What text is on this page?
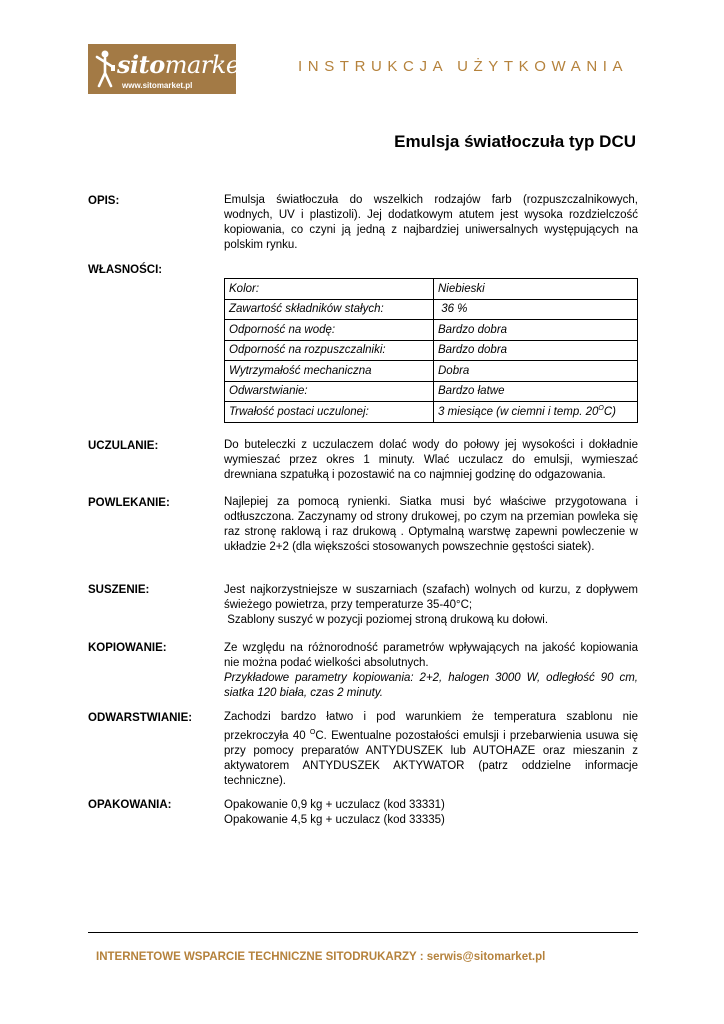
sitomarket
www.sitomarket.pl
INSTRUKCJA UŻYTKOWANIA
Emulsja światłoczuła typ DCU
OPIS:	Emulsja światłoczuła do wszelkich rodzajów farb (rozpuszczalnikowych, wodnych, UV i plastizoli). Jej dodatkowym atutem jest wysoka rozdzielczość kopiowania, co czyni ją jedną z najbardziej uniwersalnych występujących na polskim rynku.

WŁASNOŚCI:
Kolor:	Niebieski
Zawartość składników stałych:	36 %
Odporność na wodę:	Bardzo dobra
Odporność na rozpuszczalniki:	Bardzo dobra
Wytrzymałość mechaniczna	Dobra
Odwarstwianie:	Bardzo łatwe
Trwałość postaci uczulonej:	3 miesiące (w ciemni i temp. $20^OC$)
UCZULANIE:	Do buteleczki z uczulaczem dolać wody do połowy jej wysokości i dokładnie wymieszać przez okres 1 minuty. Wlać uczulacz do emulsji, wymieszać drewniana szpatułką i pozostawić na co najmniej godzinę do odgazowania.

POWLEKANIE:	Najlepiej za pomocą rynienki. Siatka musi być właściwe przygotowana i odtłuszczona. Zaczynamy od strony drukowej, po czym na przemian powleka się raz stronę raklową i raz drukową . Optymalną warstwę zapewni powleczenie w układzie 2+2 (dla większości stosowanych powszechnie gęstości siatek).

SUSZENIE:	Jest najkorzystniejsze w suszarniach (szafach) wolnych od kurzu, z dopływem świeżego powietrza, przy temperaturze 35-40°C;

Szablony suszyć w pozycji poziomej stroną drukową ku dołowi.

KOPIOWANIE:	Ze względu na różnorodność parametrów wpływających na jakość kopiowania nie można podać wielkości absolutnych.

Przykładowe parametry kopiowania: 2+2, halogen 3000 W, odległość 90 cm, siatka 120 biała, czas 2 minuty.

ODWARSTWIANIE:	Zachodzi bardzo łatwo i pod warunkiem że temperatura szablonu nie przekroczyła 40 $^O$C. Ewentualne pozostałości emulsji i przebarwienia usuwa się przy pomocy preparatów ANTYDUSZEK lub AUTOHAZE oraz mieszanin z aktywatorem ANTYDUSZEK AKTYWATOR (patrz oddzielne informacje techniczne).

OPAKOWANIA:	Opakowanie 0,9 kg + uczulacz (kod 33331)

Opakowanie 4,5 kg + uczulacz (kod 33335)

INTERNETOWE WSPARCIE TECHNICZNE SITODRUKARZY : serwis@sitomarket.pl
